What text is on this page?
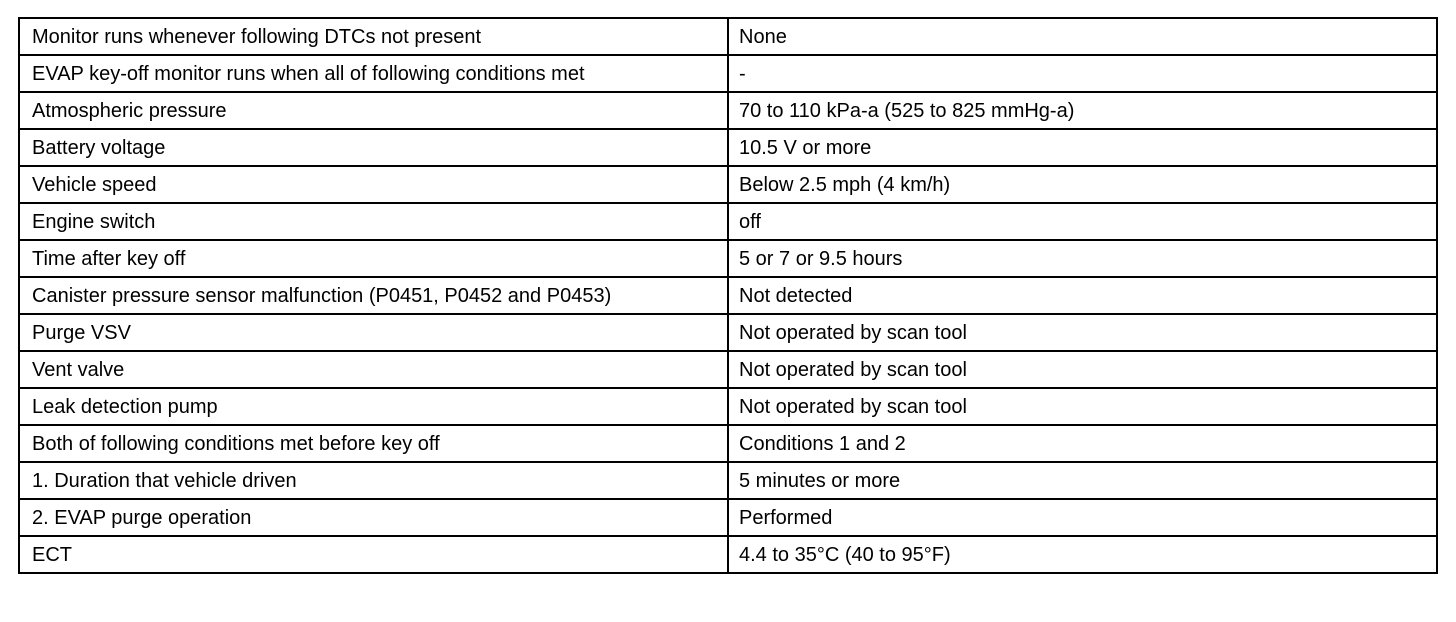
Monitor runs whenever following DTCs not present	None
EVAP key-off monitor runs when all of following conditions met	-
Atmospheric pressure	70 to 110 kPa-a (525 to 825 mmHg-a)
Battery voltage	10.5 V or more
Vehicle speed	Below 2.5 mph (4 km/h)
Engine switch	off
Time after key off	5 or 7 or 9.5 hours
Canister pressure sensor malfunction (P0451, P0452 and P0453)	Not detected
Purge VSV	Not operated by scan tool
Vent valve	Not operated by scan tool
Leak detection pump	Not operated by scan tool
Both of following conditions met before key off	Conditions 1 and 2
1. Duration that vehicle driven	5 minutes or more
2. EVAP purge operation	Performed
ECT	4.4 to 35°C (40 to 95°F)
